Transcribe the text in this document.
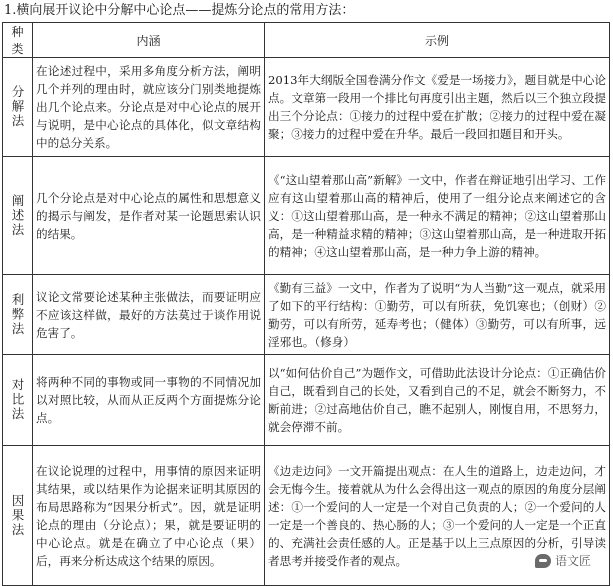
1.横向展开议论中分解中心论点——提炼分论点的常用方法：
种类	内涵	示例
分解法	在论述过程中，采用多角度分析方法，阐明几个并列的理由时，就应该分门别类地提炼出几个论点来。分论点是对中心论点的展开与说明，是中心论点的具体化，似文章结构中的总分关系。	2013年大纲版全国卷满分作文《爱是一场接力》，题目就是中心论点。文章第一段用一个排比句再度引出主题，然后以三个独立段提出三个分论点：①接力的过程中爱在扩散；②接力的过程中爱在凝聚；③接力的过程中爱在升华。最后一段回扣题目和开头。

阐述法	几个分论点是对中心论点的属性和思想意义的揭示与阐发，是作者对某一论题思索认识的结果。	《“这山望着那山高”新解》一文中，作者在辩证地引出学习、工作应有这山望着那山高的精神后，使用了一组分论点来阐述它的含义：①这山望着那山高，是一种永不满足的精神；②这山望着那山高，是一种精益求精的精神；③这山望着那山高，是一种进取开拓的精神；④这山望着那山高，是一种力争上游的精神。

利弊法	议论文常要论述某种主张做法，而要证明应不应该这样做，最好的方法莫过于谈作用说危害了。	《勤有三益》一文中，作者为了说明“为人当勤”这一观点，就采用了如下的平行结构：①勤劳，可以有所获，免饥寒也；（创财）②勤劳，可以有所劳，延寿考也；（健体）③勤劳，可以有所事，远淫邪也。（修身）

对比法	将两种不同的事物或同一事物的不同情况加以对照比较，从而从正反两个方面提炼分论点。	以“如何估价自己”为题作文，可借助此法设计分论点：①正确估价自己，既看到自己的长处，又看到自己的不足，就会不断努力，不断前进；②过高地估价自己，瞧不起别人，刚愎自用，不思努力，就会停滞不前。

因果法	在议论说理的过程中，用事情的原因来证明其结果，或以结果作为论据来证明其原因的布局思路称为“因果分析式”。因，就是证明论点的理由（分论点）；果，就是要证明的中心论点。就是在确立了中心论点（果）后，再来分析达成这个结果的原因。	《边走边问》一文开篇提出观点：在人生的道路上，边走边问，才会无悔今生。接着就从为什么会得出这一观点的原因的角度分层阐述：①一个爱问的人一定是一个对自己负责的人；②一个爱问的人一定是一个善良的、热心肠的人；③一个爱问的人一定是一个正直的、充满社会责任感的人。正是基于以上三点原因的分析，引导读者思考并接受作者的观点。	语文匠
